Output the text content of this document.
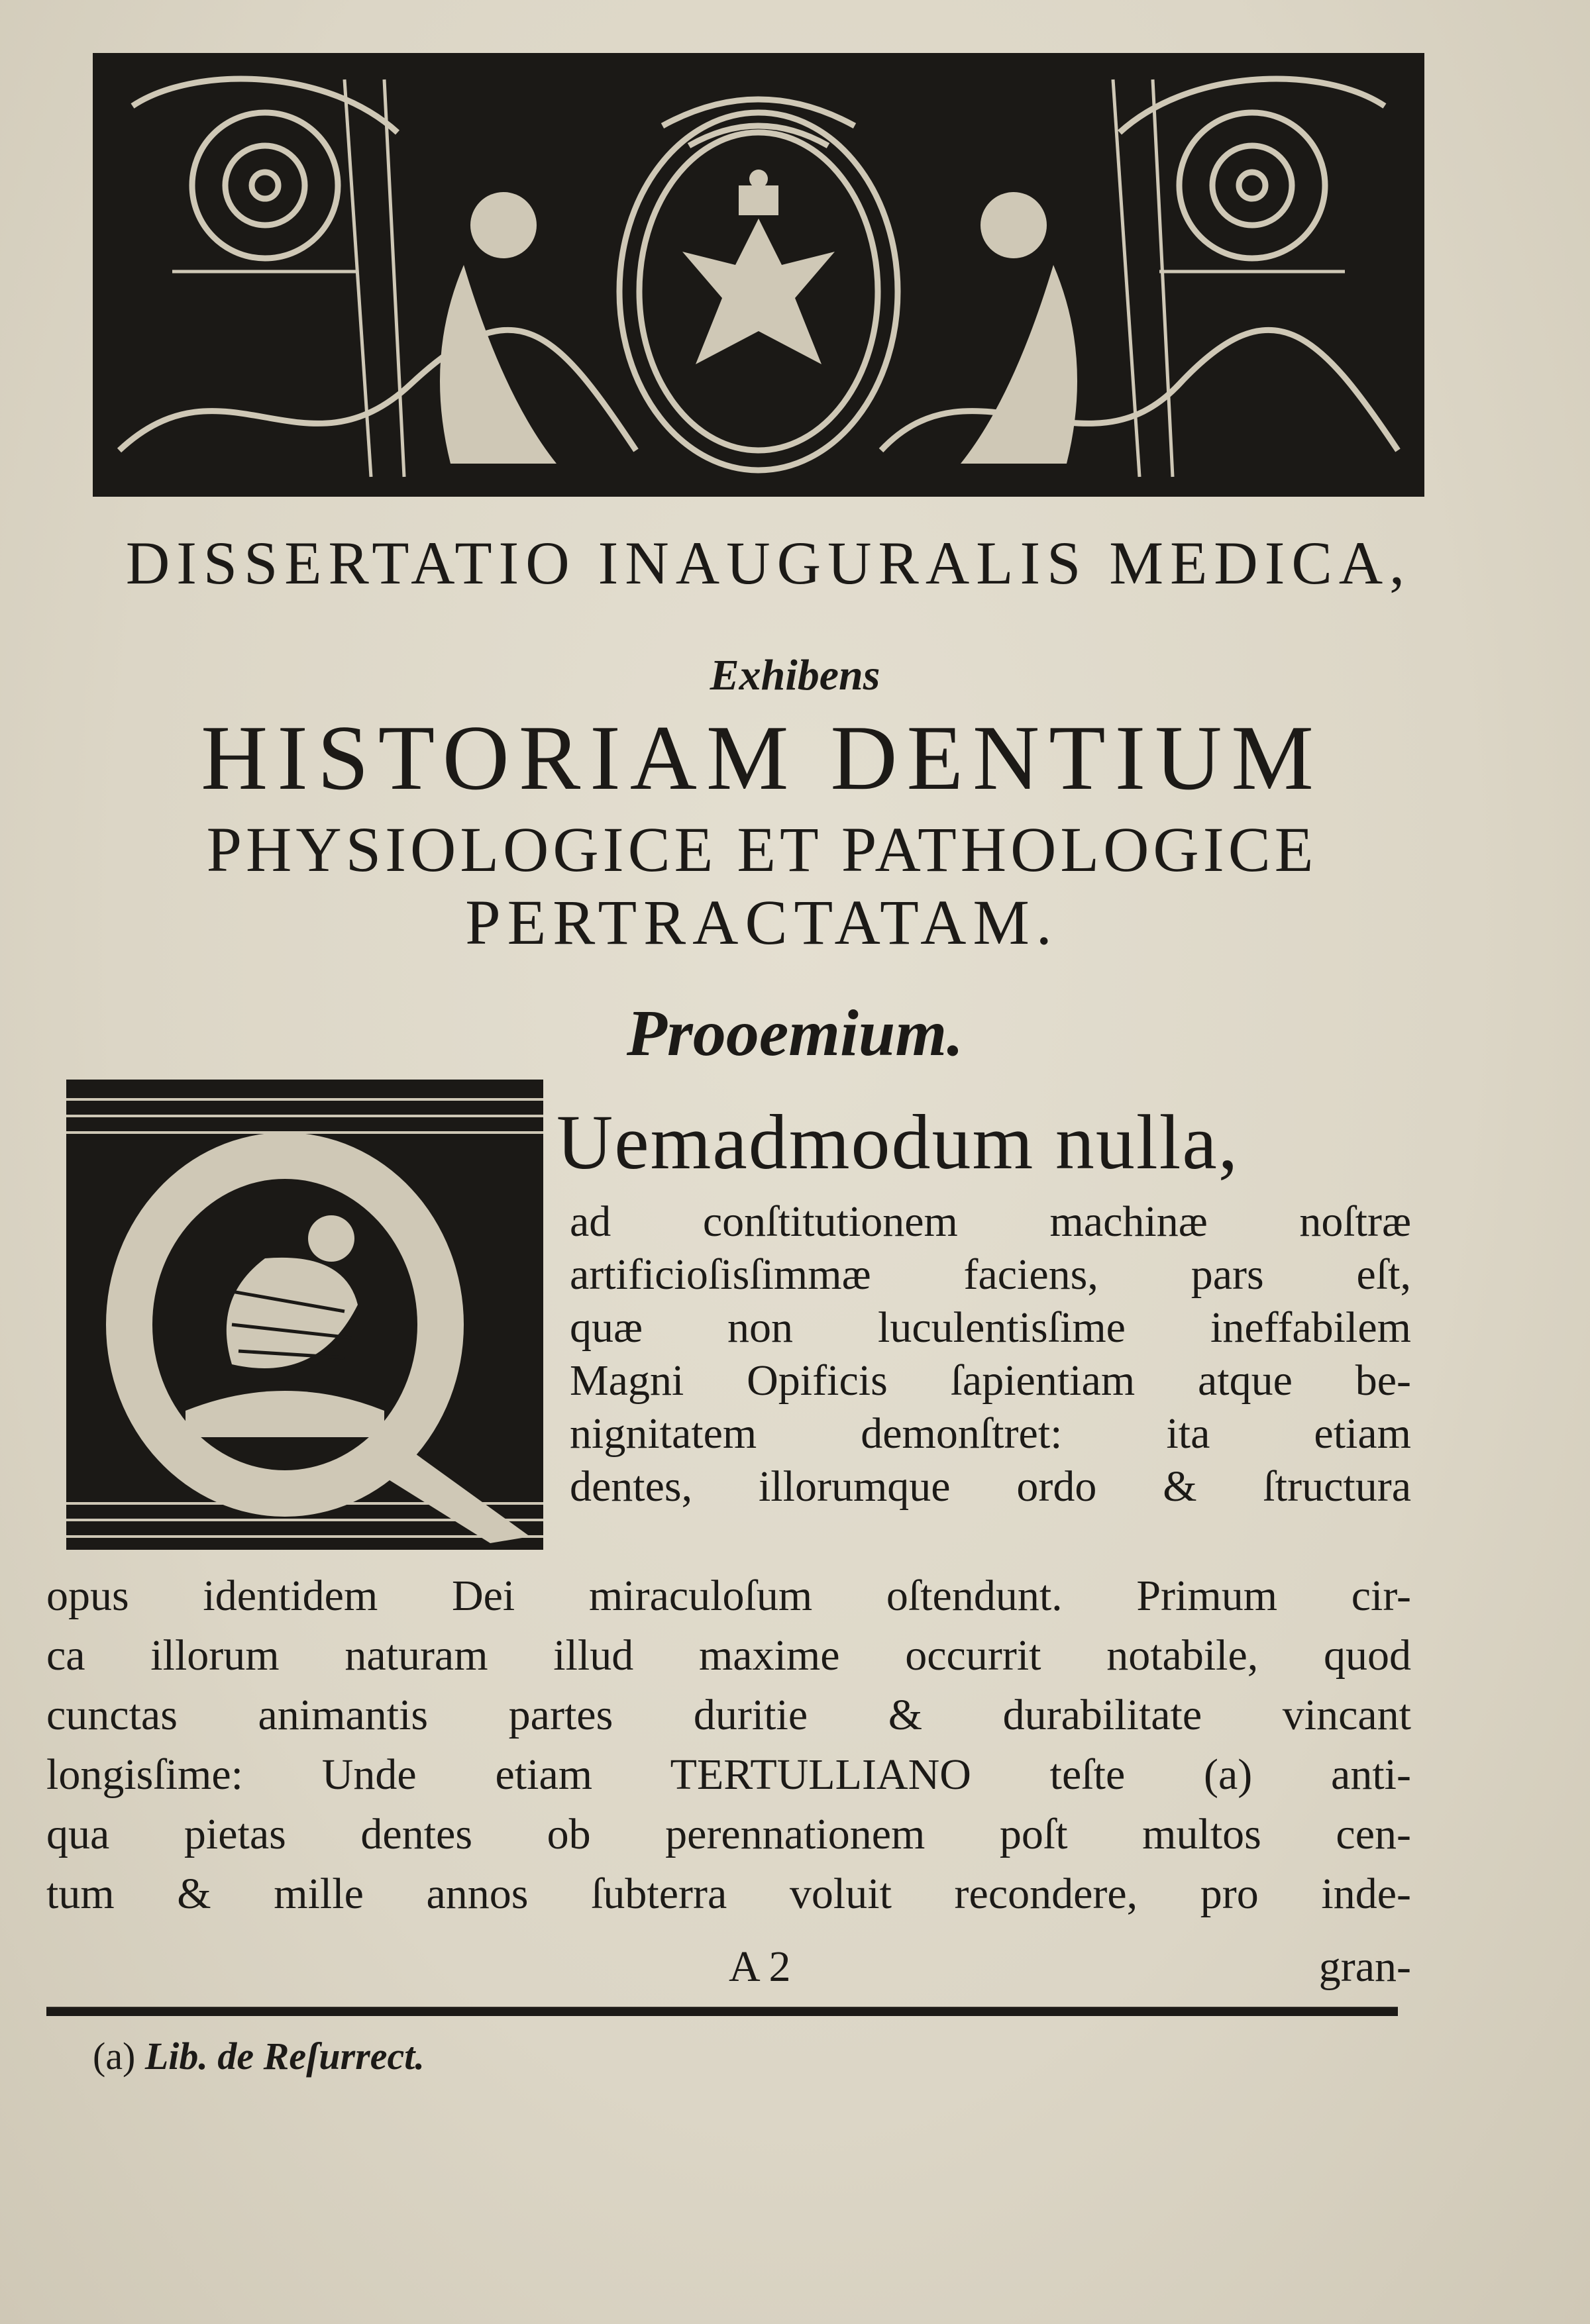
DISSERTATIO INAUGURALIS MEDICA,
Exhibens
HISTORIAM DENTIUM
PHYSIOLOGICE ET PATHOLOGICE
PERTRACTATAM.
Prooemium.
Uemadmodum nulla,
ad conſtitutionem machinæ noſtræ
artificioſisſimmæ faciens, pars eſt,
quæ non luculentisſime ineffabilem
Magni Opificis ſapientiam atque be-
nignitatem demonſtret: ita etiam
dentes, illorumque ordo & ſtructura
opus identidem Dei miraculoſum oſtendunt. Primum cir-
ca illorum naturam illud maxime occurrit notabile, quod
cunctas animantis partes duritie & durabilitate vincant
longisſime: Unde etiam TERTULLIANO teſte (a) anti-
qua pietas dentes ob perennationem poſt multos cen-
tum & mille annos ſubterra voluit recondere, pro inde-
A 2	gran-
(a) Lib. de Reſurrect.
